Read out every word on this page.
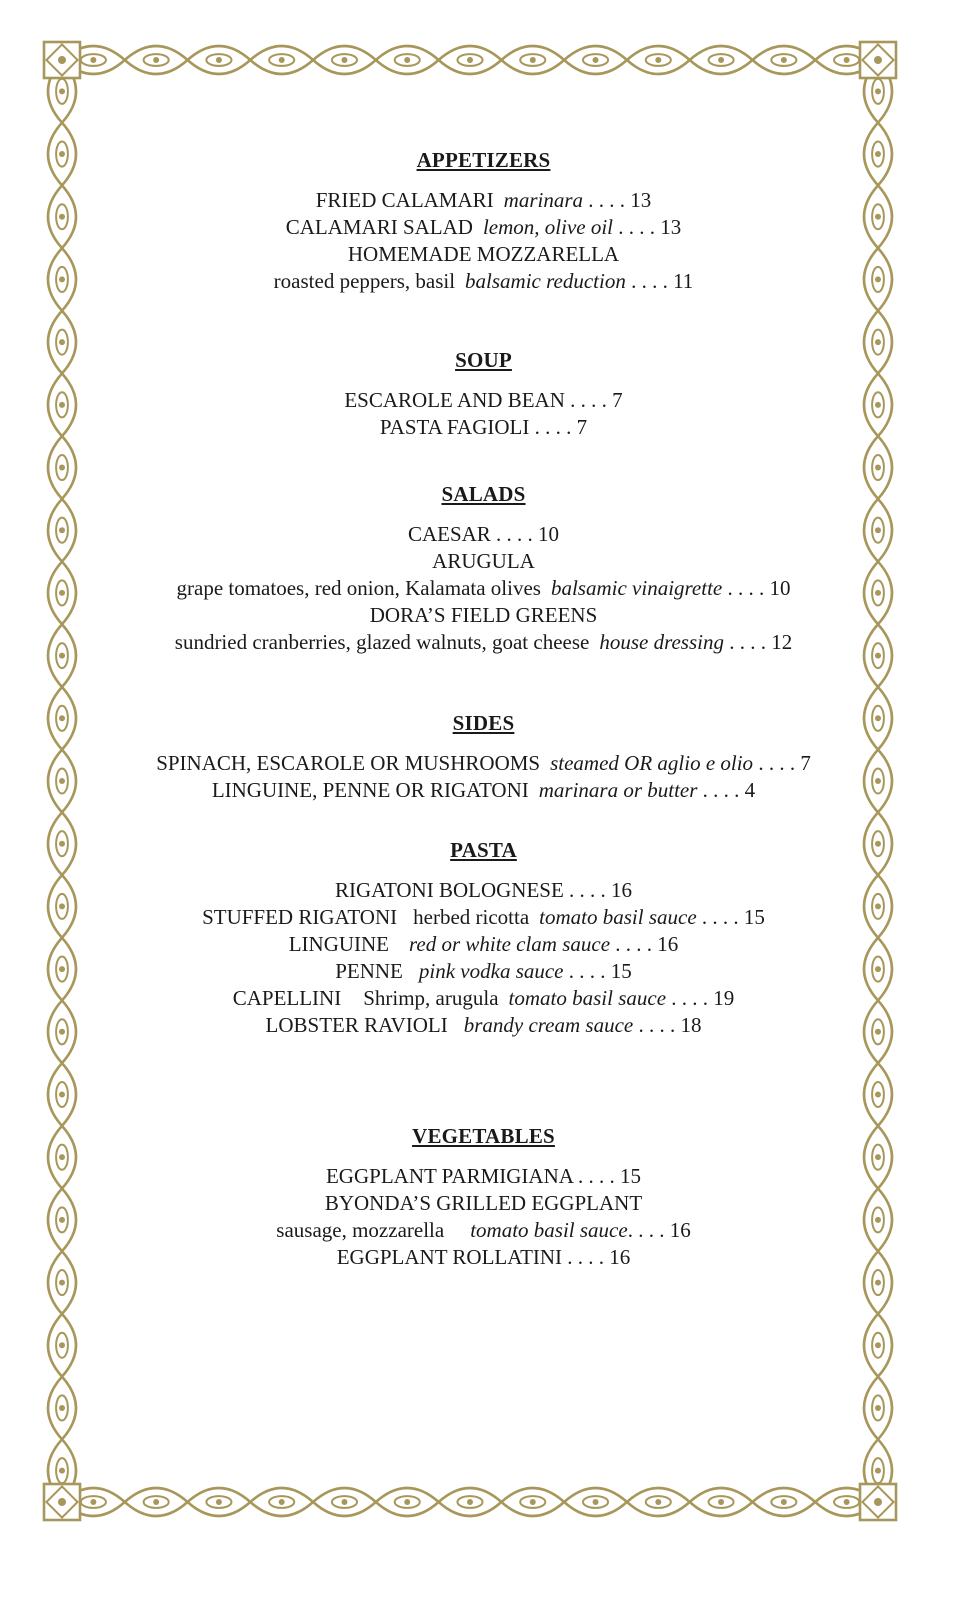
APPETIZERS
FRIED CALAMARI marinara . . . . 13
CALAMARI SALAD lemon, olive oil . . . . 13
HOMEMADE MOZZARELLA
roasted peppers, basil balsamic reduction . . . . 11
SOUP
ESCAROLE AND BEAN . . . . 7
PASTA FAGIOLI . . . . 7
SALADS
CAESAR . . . . 10
ARUGULA
grape tomatoes, red onion, Kalamata olives balsamic vinaigrette . . . . 10
DORA’S FIELD GREENS
sundried cranberries, glazed walnuts, goat cheese house dressing . . . . 12
SIDES
SPINACH, ESCAROLE OR MUSHROOMS steamed OR aglio e olio . . . . 7
LINGUINE, PENNE OR RIGATONI marinara or butter . . . . 4
PASTA
RIGATONI BOLOGNESE . . . . 16
STUFFED RIGATONI herbed ricotta tomato basil sauce . . . . 15
LINGUINE red or white clam sauce . . . . 16
PENNE pink vodka sauce . . . . 15
CAPELLINI Shrimp, arugula tomato basil sauce . . . . 19
LOBSTER RAVIOLI brandy cream sauce . . . . 18
VEGETABLES
EGGPLANT PARMIGIANA . . . . 15
BYONDA’S GRILLED EGGPLANT
sausage, mozzarella tomato basil sauce. . . . 16
EGGPLANT ROLLATINI . . . . 16
